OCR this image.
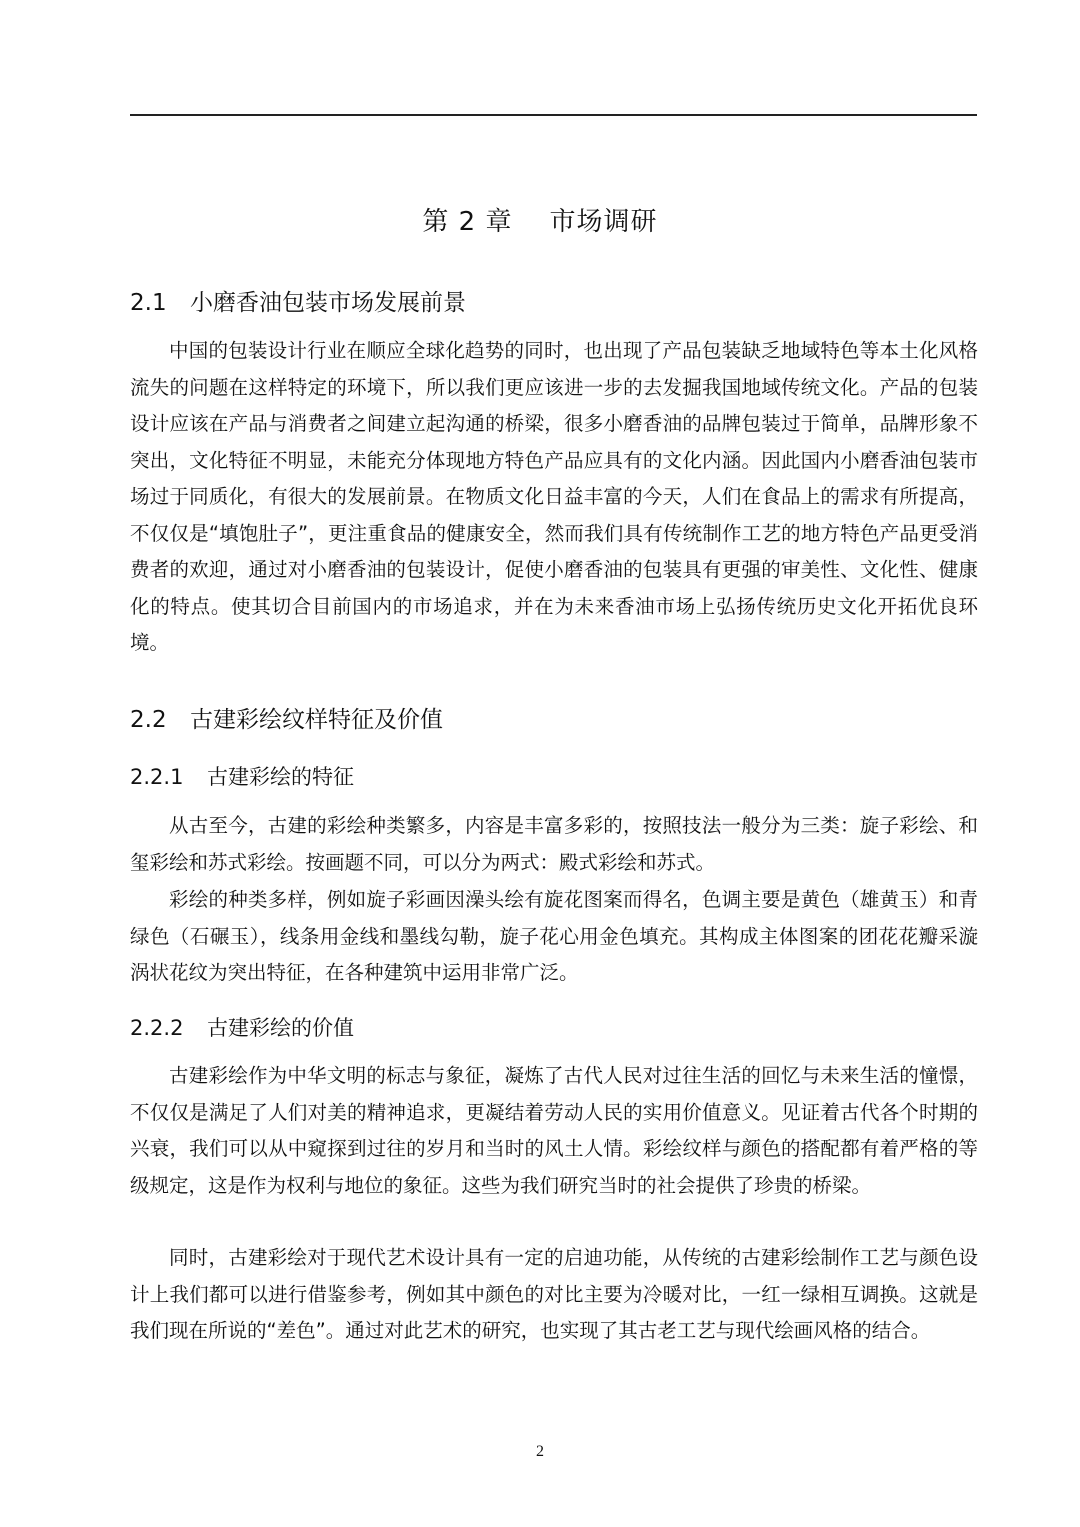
第 2 章    市场调研
2.1 小磨香油包装市场发展前景

中国的包装设计行业在顺应全球化趋势的同时，也出现了产品包装缺乏地域特色等本土化风格流失的问题在这样特定的环境下，所以我们更应该进一步的去发掘我国地域传统文化。产品的包装设计应该在产品与消费者之间建立起沟通的桥梁，很多小磨香油的品牌包装过于简单，品牌形象不突出，文化特征不明显，未能充分体现地方特色产品应具有的文化内涵。因此国内小磨香油包装市场过于同质化，有很大的发展前景。在物质文化日益丰富的今天，人们在食品上的需求有所提高，不仅仅是“填饱肚子”，更注重食品的健康安全，然而我们具有传统制作工艺的地方特色产品更受消费者的欢迎，通过对小磨香油的包装设计，促使小磨香油的包装具有更强的审美性、文化性、健康化的特点。使其切合目前国内的市场追求，并在为未来香油市场上弘扬传统历史文化开拓优良环境。

2.2 古建彩绘纹样特征及价值
2.2.1 古建彩绘的特征

从古至今，古建的彩绘种类繁多，内容是丰富多彩的，按照技法一般分为三类：旋子彩绘、和玺彩绘和苏式彩绘。按画题不同，可以分为两式：殿式彩绘和苏式。

彩绘的种类多样，例如旋子彩画因澡头绘有旋花图案而得名，色调主要是黄色（雄黄玉）和青绿色（石碾玉），线条用金线和墨线勾勒，旋子花心用金色填充。其构成主体图案的团花花瓣采漩涡状花纹为突出特征，在各种建筑中运用非常广泛。

2.2.2 古建彩绘的价值

古建彩绘作为中华文明的标志与象征，凝炼了古代人民对过往生活的回忆与未来生活的憧憬，不仅仅是满足了人们对美的精神追求，更凝结着劳动人民的实用价值意义。见证着古代各个时期的兴衰，我们可以从中窥探到过往的岁月和当时的风土人情。彩绘纹样与颜色的搭配都有着严格的等级规定，这是作为权利与地位的象征。这些为我们研究当时的社会提供了珍贵的桥梁。

同时，古建彩绘对于现代艺术设计具有一定的启迪功能，从传统的古建彩绘制作工艺与颜色设计上我们都可以进行借鉴参考，例如其中颜色的对比主要为冷暖对比，一红一绿相互调换。这就是我们现在所说的“差色”。通过对此艺术的研究，也实现了其古老工艺与现代绘画风格的结合。

2
